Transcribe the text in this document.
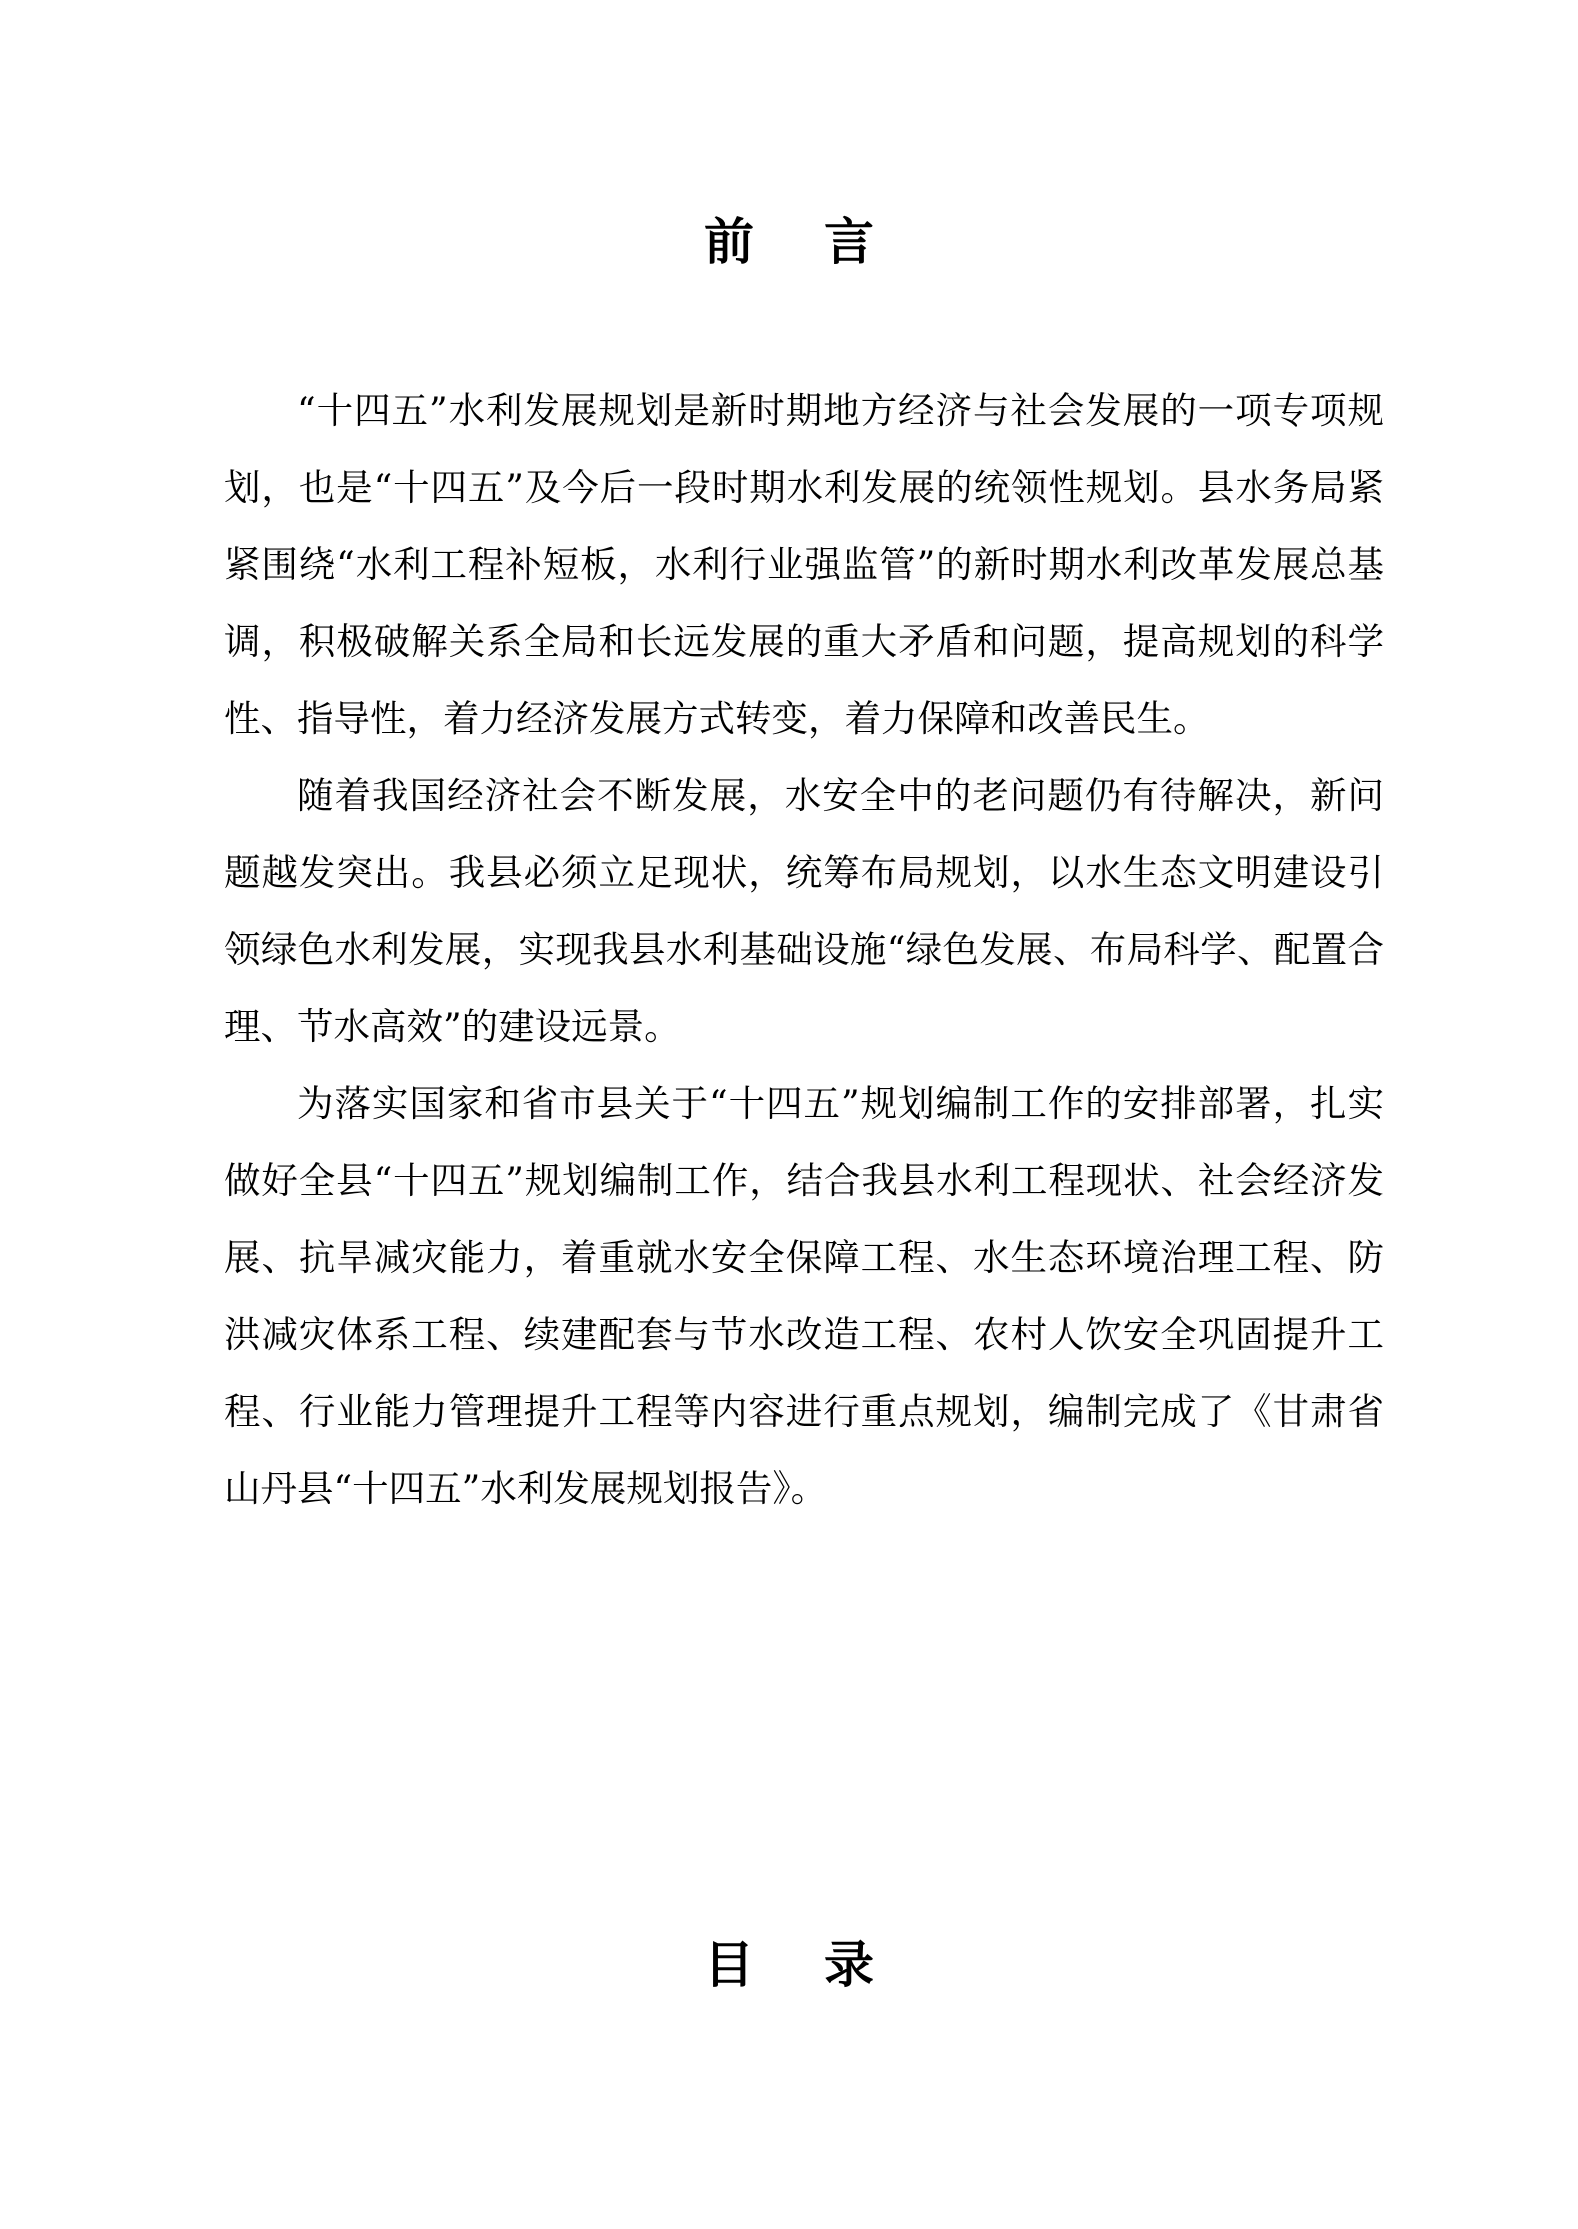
前言

“十四五”水利发展规划是新时期地方经济与社会发展的一项专项规划，也是“十四五”及今后一段时期水利发展的统领性规划。县水务局紧紧围绕“水利工程补短板，水利行业强监管”的新时期水利改革发展总基调，积极破解关系全局和长远发展的重大矛盾和问题，提高规划的科学性、指导性，着力经济发展方式转变，着力保障和改善民生。

随着我国经济社会不断发展，水安全中的老问题仍有待解决，新问题越发突出。我县必须立足现状，统筹布局规划，以水生态文明建设引领绿色水利发展，实现我县水利基础设施“绿色发展、布局科学、配置合理、节水高效”的建设远景。

为落实国家和省市县关于“十四五”规划编制工作的安排部署，扎实做好全县“十四五”规划编制工作，结合我县水利工程现状、社会经济发展、抗旱减灾能力，着重就水安全保障工程、水生态环境治理工程、防洪减灾体系工程、续建配套与节水改造工程、农村人饮安全巩固提升工程、行业能力管理提升工程等内容进行重点规划，编制完成了《甘肃省山丹县“十四五”水利发展规划报告》。

目录
